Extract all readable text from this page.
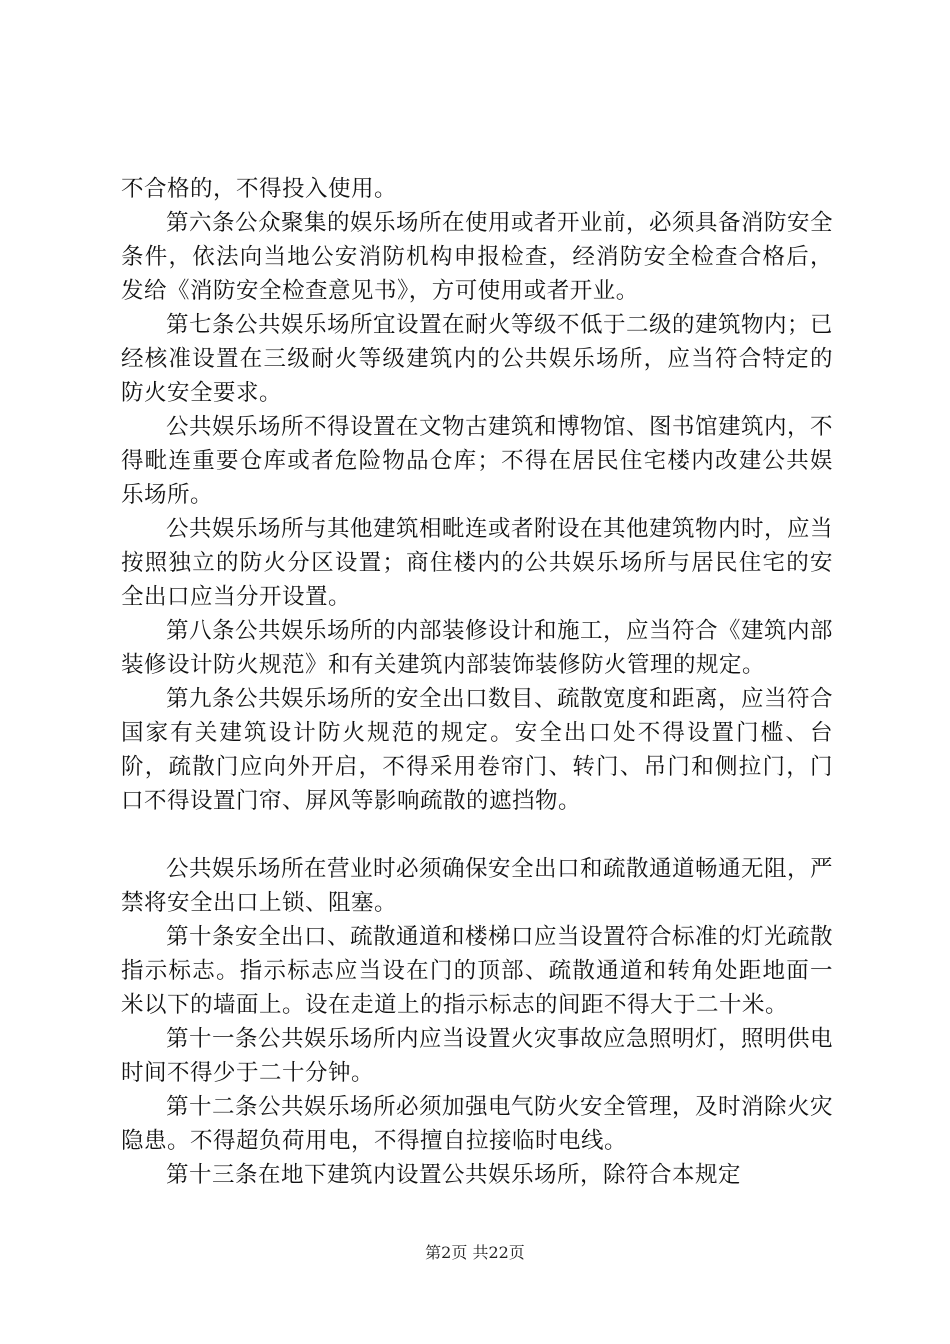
不合格的，不得投入使用。

第六条公众聚集的娱乐场所在使用或者开业前，必须具备消防安全条件，依法向当地公安消防机构申报检查，经消防安全检查合格后，发给《消防安全检查意见书》，方可使用或者开业。

第七条公共娱乐场所宜设置在耐火等级不低于二级的建筑物内；已经核准设置在三级耐火等级建筑内的公共娱乐场所，应当符合特定的防火安全要求。

公共娱乐场所不得设置在文物古建筑和博物馆、图书馆建筑内，不得毗连重要仓库或者危险物品仓库；不得在居民住宅楼内改建公共娱乐场所。

公共娱乐场所与其他建筑相毗连或者附设在其他建筑物内时，应当按照独立的防火分区设置；商住楼内的公共娱乐场所与居民住宅的安全出口应当分开设置。

第八条公共娱乐场所的内部装修设计和施工，应当符合《建筑内部装修设计防火规范》和有关建筑内部装饰装修防火管理的规定。

第九条公共娱乐场所的安全出口数目、疏散宽度和距离，应当符合国家有关建筑设计防火规范的规定。安全出口处不得设置门槛、台阶，疏散门应向外开启，不得采用卷帘门、转门、吊门和侧拉门，门口不得设置门帘、屏风等影响疏散的遮挡物。

公共娱乐场所在营业时必须确保安全出口和疏散通道畅通无阻，严禁将安全出口上锁、阻塞。

第十条安全出口、疏散通道和楼梯口应当设置符合标准的灯光疏散指示标志。指示标志应当设在门的顶部、疏散通道和转角处距地面一米以下的墙面上。设在走道上的指示标志的间距不得大于二十米。

第十一条公共娱乐场所内应当设置火灾事故应急照明灯，照明供电时间不得少于二十分钟。

第十二条公共娱乐场所必须加强电气防火安全管理，及时消除火灾隐患。不得超负荷用电，不得擅自拉接临时电线。

第十三条在地下建筑内设置公共娱乐场所，除符合本规定

第2页 共22页
